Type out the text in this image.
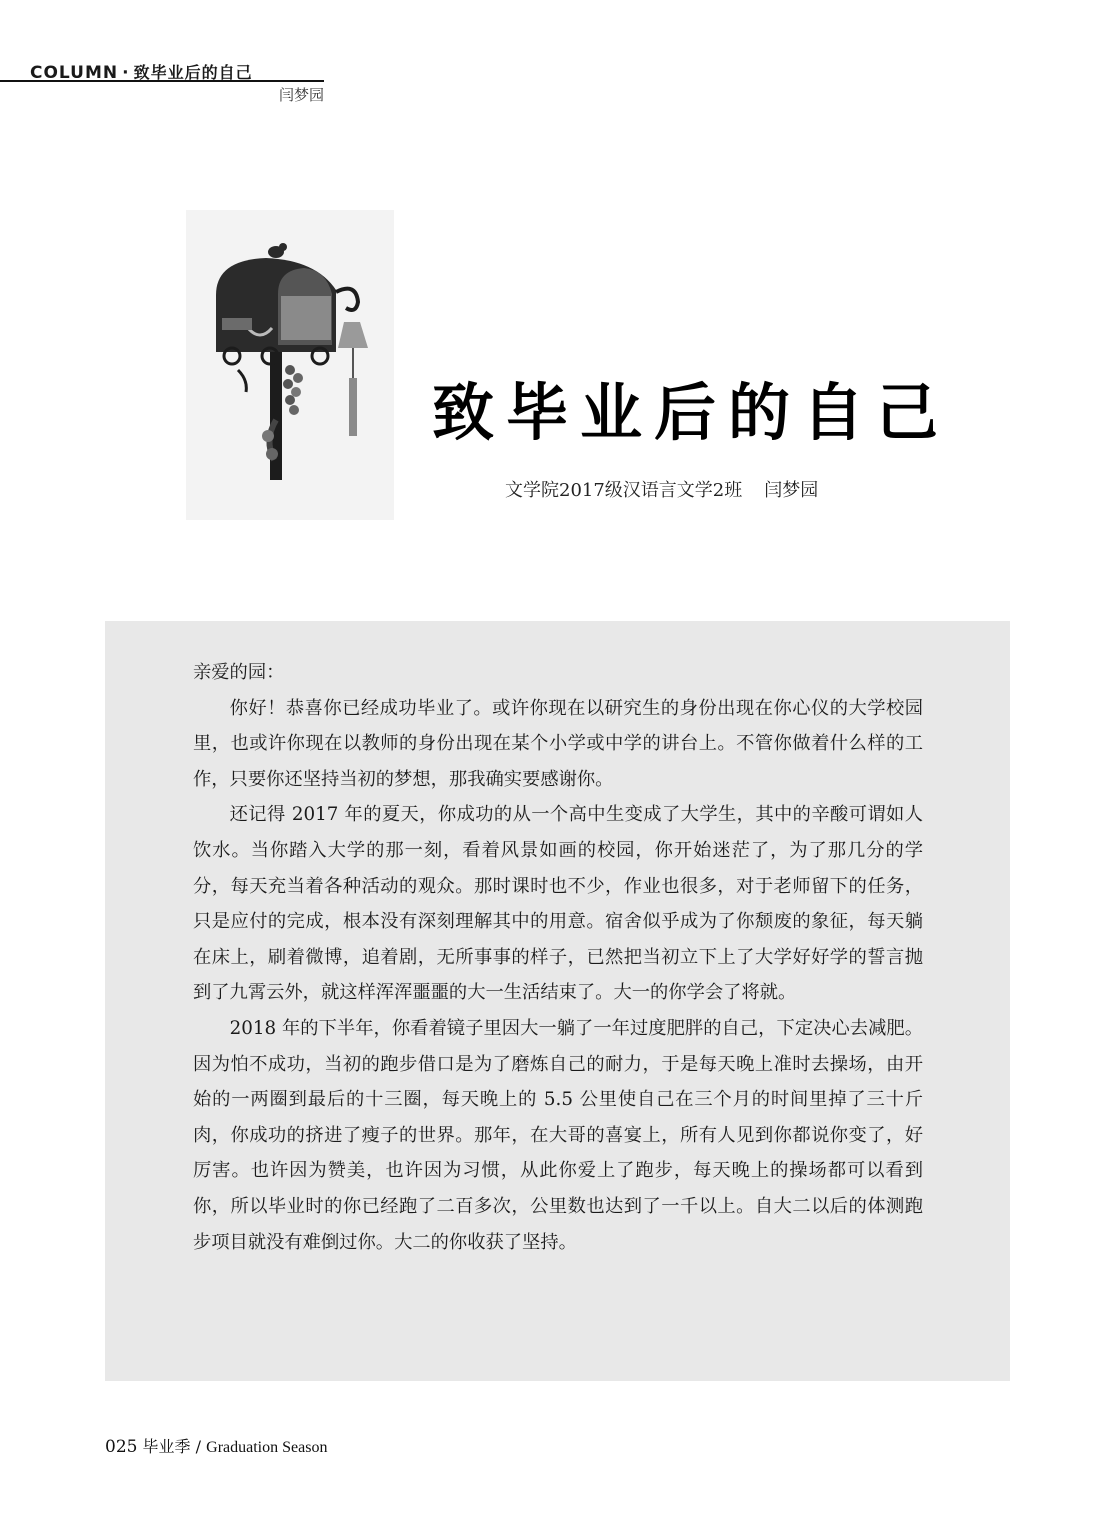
COLUMN · 致毕业后的自己
闫梦园
致毕业后的自己
文学院2017级汉语言文学2班 闫梦园

亲爱的园：

你好！恭喜你已经成功毕业了。或许你现在以研究生的身份出现在你心仪的大学校园里，也或许你现在以教师的身份出现在某个小学或中学的讲台上。不管你做着什么样的工作，只要你还坚持当初的梦想，那我确实要感谢你。

还记得 2017 年的夏天，你成功的从一个高中生变成了大学生，其中的辛酸可谓如人饮水。当你踏入大学的那一刻，看着风景如画的校园，你开始迷茫了，为了那几分的学分，每天充当着各种活动的观众。那时课时也不少，作业也很多，对于老师留下的任务，只是应付的完成，根本没有深刻理解其中的用意。宿舍似乎成为了你颓废的象征，每天躺在床上，刷着微博，追着剧，无所事事的样子，已然把当初立下上了大学好好学的誓言抛到了九霄云外，就这样浑浑噩噩的大一生活结束了。大一的你学会了将就。

2018 年的下半年，你看着镜子里因大一躺了一年过度肥胖的自己，下定决心去减肥。因为怕不成功，当初的跑步借口是为了磨炼自己的耐力，于是每天晚上准时去操场，由开始的一两圈到最后的十三圈，每天晚上的 5.5 公里使自己在三个月的时间里掉了三十斤肉，你成功的挤进了瘦子的世界。那年，在大哥的喜宴上，所有人见到你都说你变了，好厉害。也许因为赞美，也许因为习惯，从此你爱上了跑步，每天晚上的操场都可以看到你，所以毕业时的你已经跑了二百多次，公里数也达到了一千以上。自大二以后的体测跑步项目就没有难倒过你。大二的你收获了坚持。

025 毕业季 / Graduation Season
